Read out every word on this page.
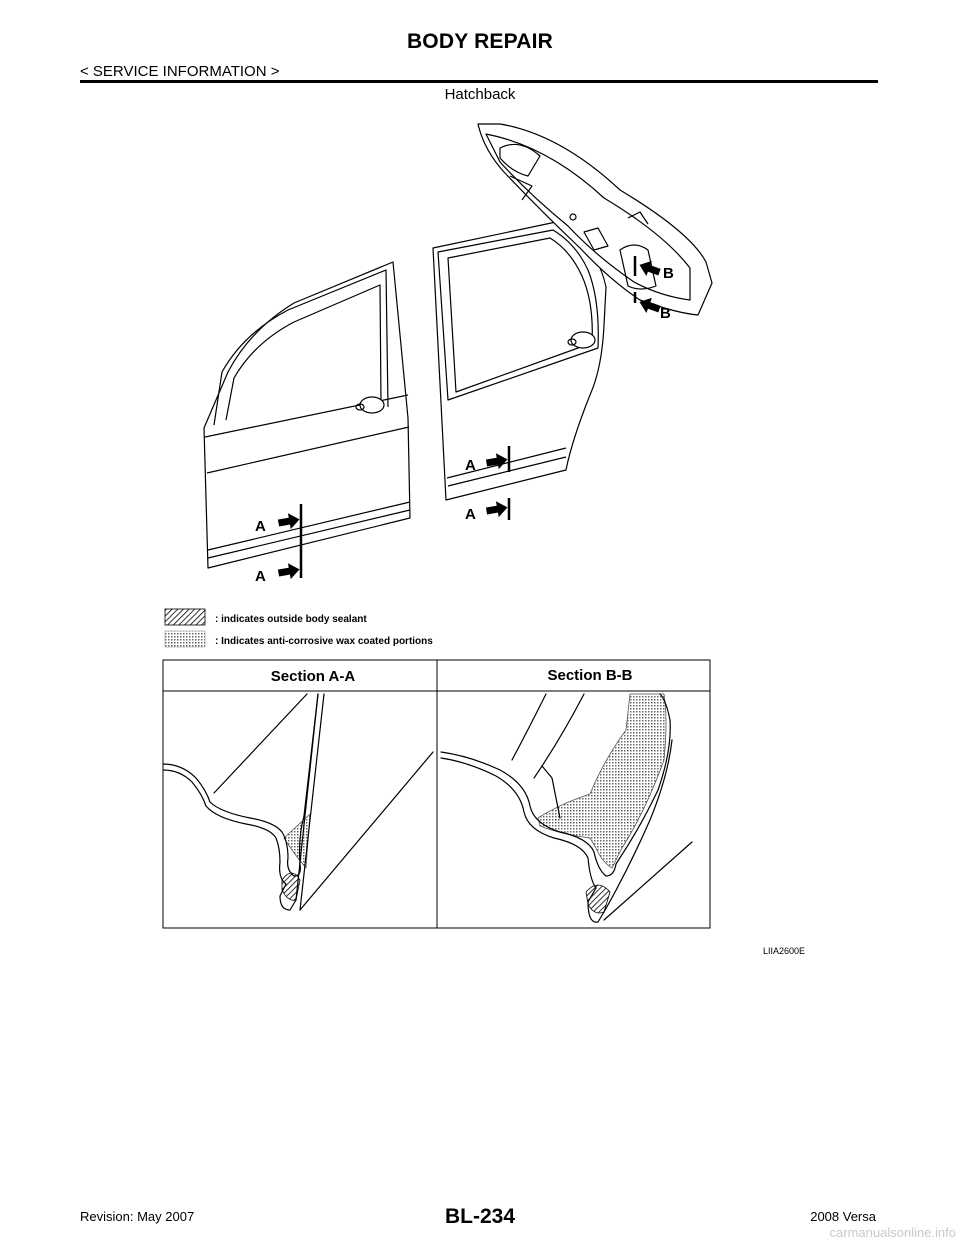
BODY REPAIR
< SERVICE INFORMATION >
Hatchback
A
A
A
A
B
B
: indicates outside body sealant
: Indicates anti-corrosive wax coated portions
Section A-A	Section B-B
LIIA2600E
BL-234
Revision: May 2007	2008 Versa
carmanualsonline.info
